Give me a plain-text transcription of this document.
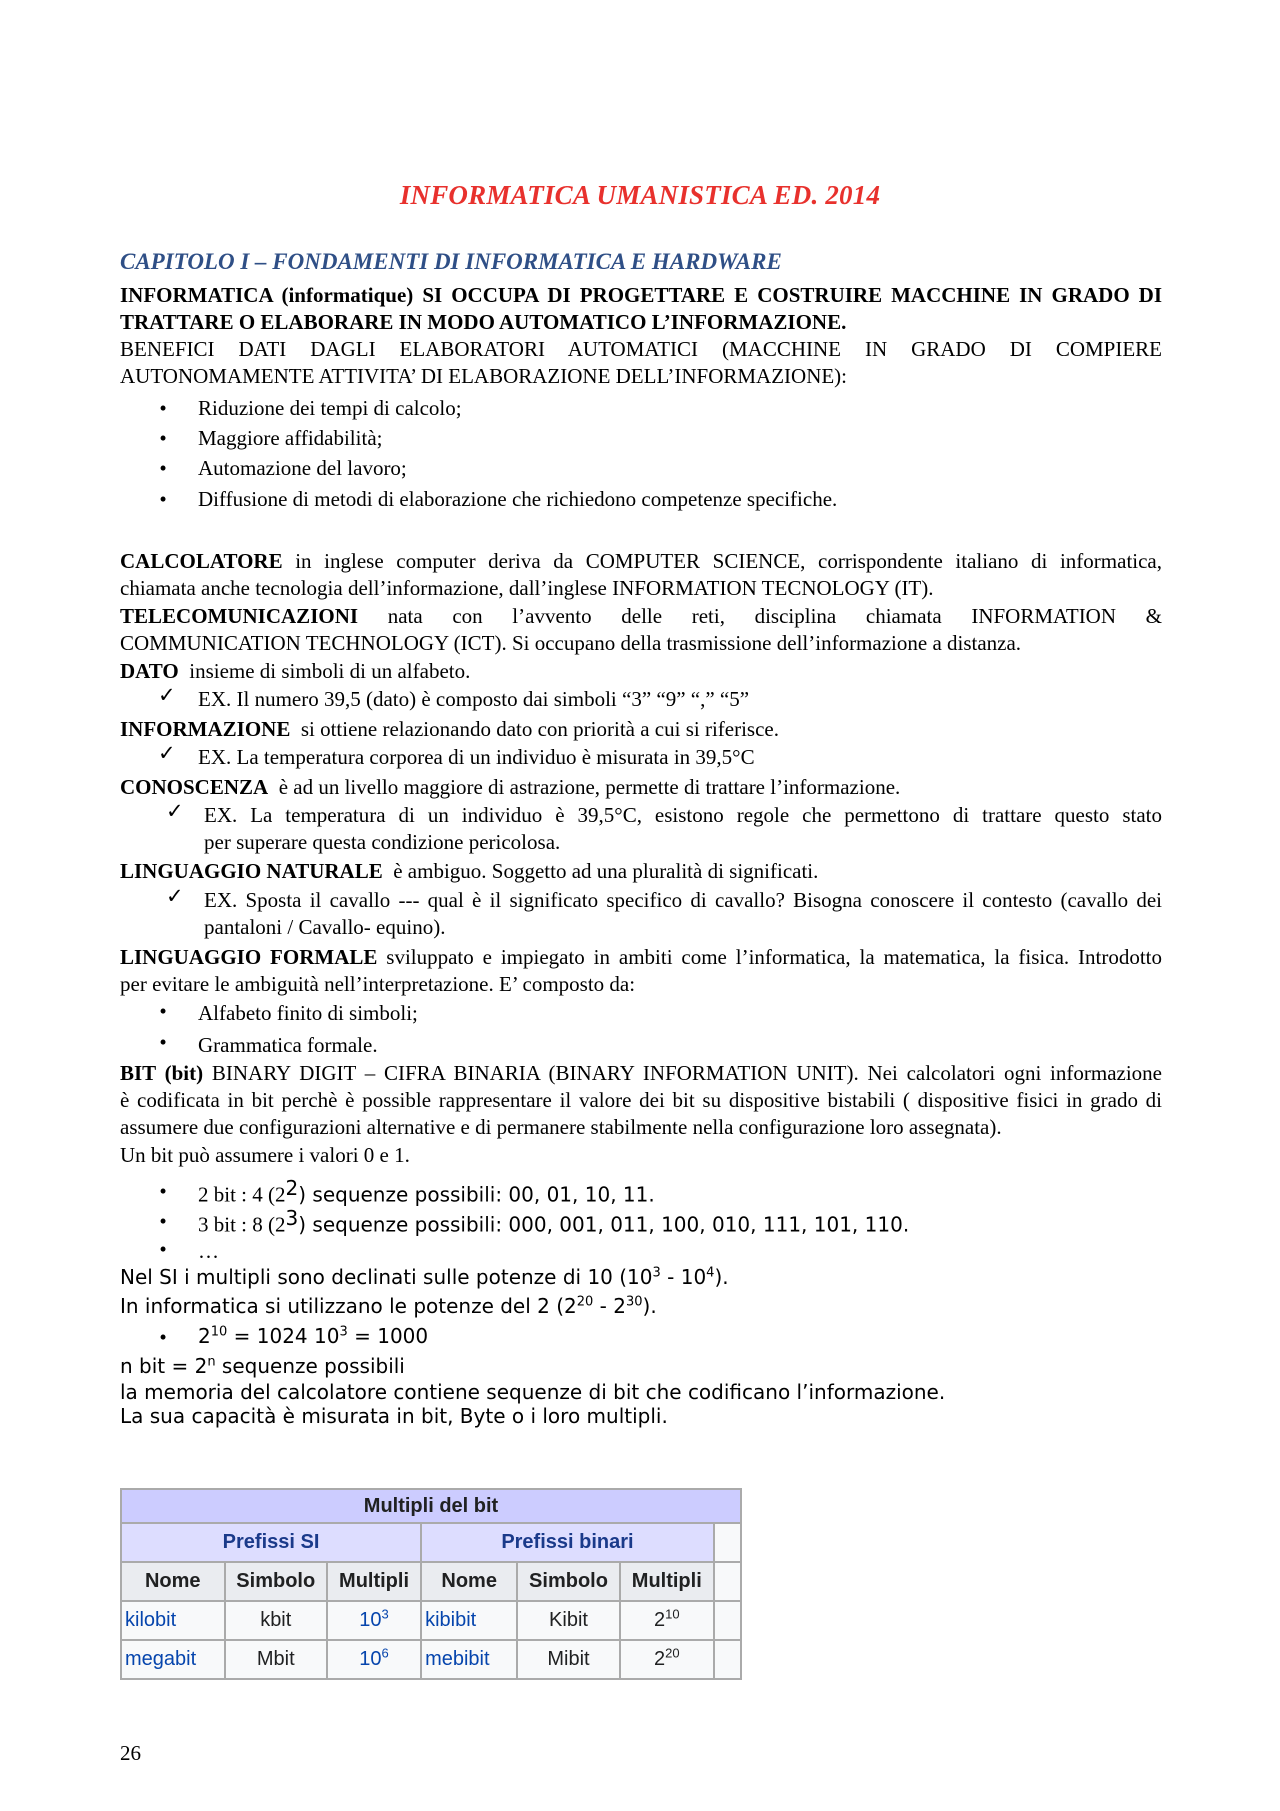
INFORMATICA UMANISTICA ED. 2014
CAPITOLO I – FONDAMENTI DI INFORMATICA E HARDWARE
INFORMATICA (informatique) SI OCCUPA DI PROGETTARE E COSTRUIRE MACCHINE IN GRADO DI
TRATTARE O ELABORARE IN MODO AUTOMATICO L’INFORMAZIONE.
BENEFICI DATI DAGLI ELABORATORI AUTOMATICI (MACCHINE IN GRADO DI COMPIERE
AUTONOMAMENTE ATTIVITA’ DI ELABORAZIONE DELL’INFORMAZIONE):
•	Riduzione dei tempi di calcolo;
•	Maggiore affidabilità;
•	Automazione del lavoro;
•	Diffusione di metodi di elaborazione che richiedono competenze specifiche.
CALCOLATORE in inglese computer deriva da COMPUTER SCIENCE, corrispondente italiano di informatica,
chiamata anche tecnologia dell’informazione, dall’inglese INFORMATION TECNOLOGY (IT).
TELECOMUNICAZIONI nata con l’avvento delle reti, disciplina chiamata INFORMATION &
COMMUNICATION TECHNOLOGY (ICT). Si occupano della trasmissione dell’informazione a distanza.
DATO insieme di simboli di un alfabeto.
✓ EX. Il numero 39,5 (dato) è composto dai simboli “3” “9” “,” “5”
INFORMAZIONE si ottiene relazionando dato con priorità a cui si riferisce.
✓ EX. La temperatura corporea di un individuo è misurata in 39,5°C
CONOSCENZA è ad un livello maggiore di astrazione, permette di trattare l’informazione.
✓ EX. La temperatura di un individuo è 39,5°C, esistono regole che permettono di trattare questo stato
per superare questa condizione pericolosa.
LINGUAGGIO NATURALE è ambiguo. Soggetto ad una pluralità di significati.
✓ EX. Sposta il cavallo --- qual è il significato specifico di cavallo? Bisogna conoscere il contesto (cavallo dei
pantaloni / Cavallo- equino).
LINGUAGGIO FORMALE sviluppato e impiegato in ambiti come l’informatica, la matematica, la fisica. Introdotto
per evitare le ambiguità nell’interpretazione. E’ composto da:
•	Alfabeto finito di simboli;
•	Grammatica formale.
BIT (bit) BINARY DIGIT – CIFRA BINARIA (BINARY INFORMATION UNIT). Nei calcolatori ogni informazione
è codificata in bit perchè è possible rappresentare il valore dei bit su dispositive bistabili ( dispositive fisici in grado di
assumere due configurazioni alternative e di permanere stabilmente nella configurazione loro assegnata).
Un bit può assumere i valori 0 e 1.
•	2 bit : 4 $(2^2)$ sequenze possibili: 00, 01, 10, 11.
•	3 bit : 8 $(2^3)$ sequenze possibili: 000, 001, 011, 100, 010, 111, 101, 110.
•	…
Nel SI i multipli sono declinati sulle potenze di 10 $(10^3 - 10^4)$.
In informatica si utilizzano le potenze del 2 $(2^{20} - 2^{30})$.
•	$2^{10} = 1024$ $10^3 = 1000$
n bit = $2^n$ sequenze possibili
la memoria del calcolatore contiene sequenze di bit che codificano l’informazione.
La sua capacità è misurata in bit, Byte o i loro multipli.
Multipli del bit						
Prefissi SI			Prefissi binari			
Nome	Simbolo	Multipli	Nome	Simbolo	Multipli	
kilobit	kbit	$10^3$	kibibit	Kibit	$2^{10}$	
megabit	Mbit	$10^6$	mebibit	Mibit	$2^{20}$	
26
